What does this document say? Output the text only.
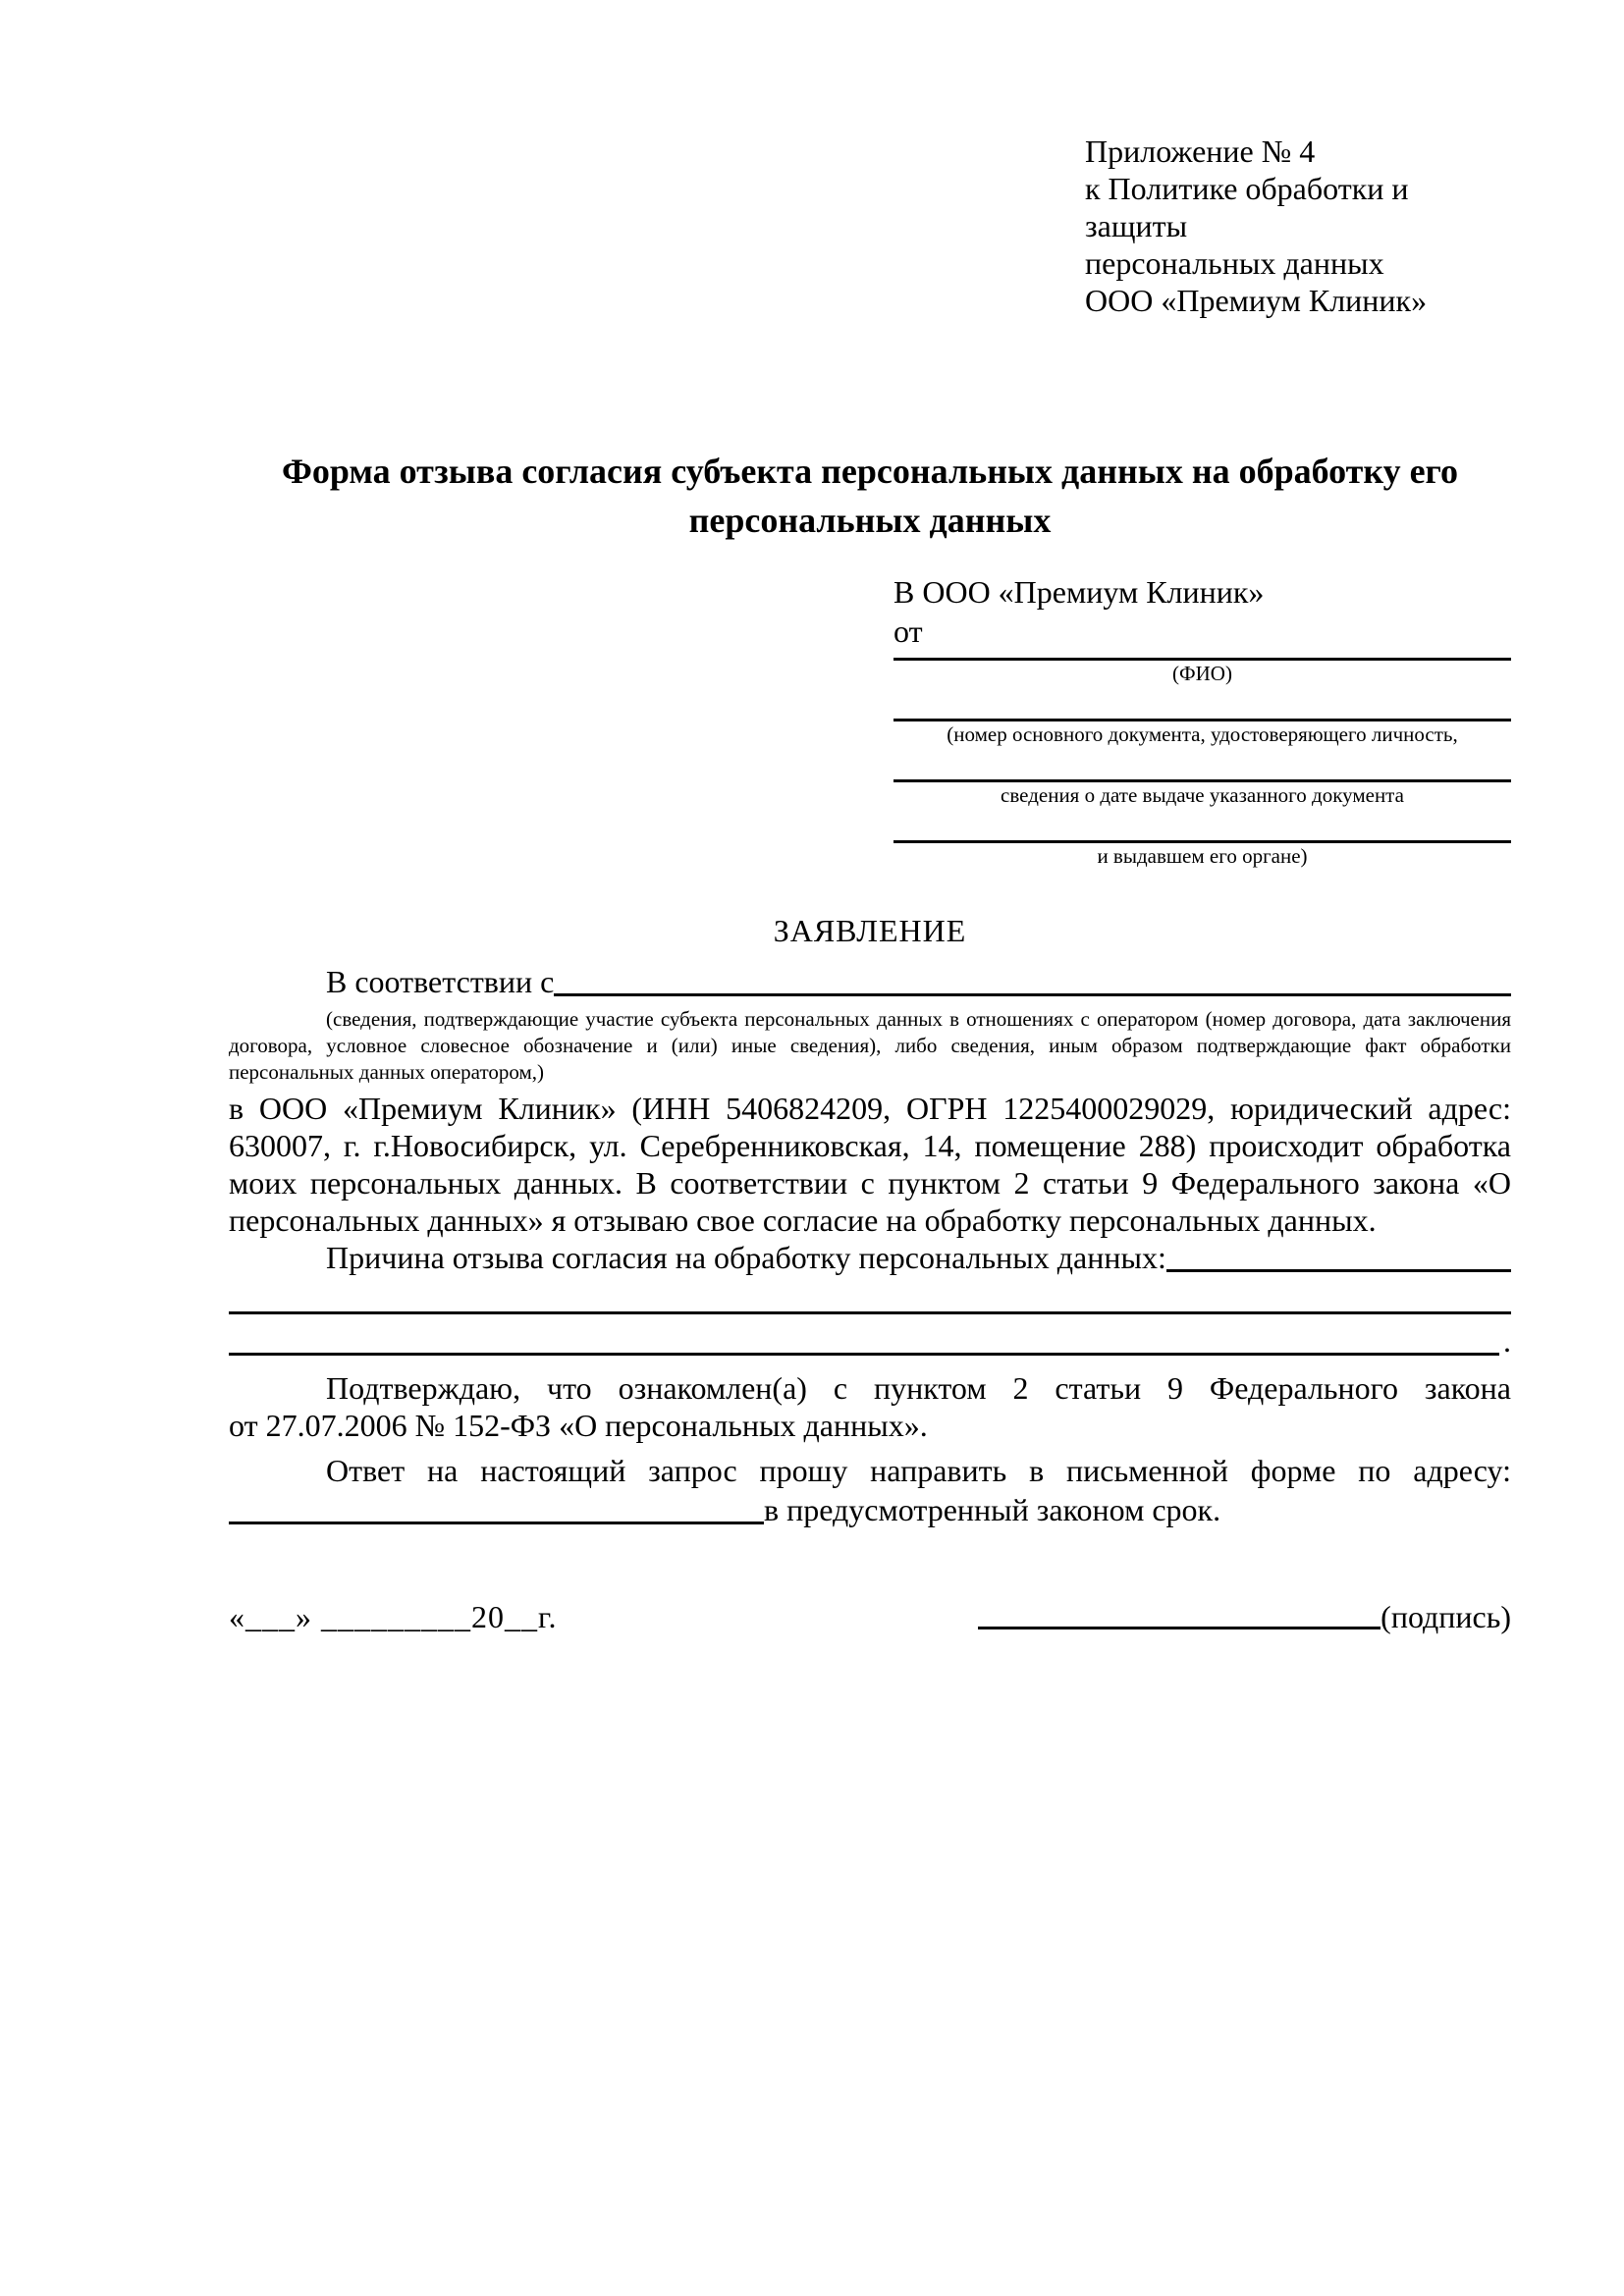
Приложение № 4
к Политике обработки и защиты
персональных данных
ООО «Премиум Клиник»
Форма отзыва согласия субъекта персональных данных на обработку его персональных данных
В ООО «Премиум Клиник»
от
(ФИО)
(номер основного документа, удостоверяющего личность,
сведения о дате выдаче указанного документа
и выдавшем его органе)
ЗАЯВЛЕНИЕ
В соответствии с
(сведения, подтверждающие участие субъекта персональных данных в отношениях с оператором (номер договора, дата заключения договора, условное словесное обозначение и (или) иные сведения), либо сведения, иным образом подтверждающие факт обработки персональных данных оператором,)
в ООО «Премиум Клиник» (ИНН 5406824209, ОГРН 1225400029029, юридический адрес: 630007, г. г.Новосибирск, ул. Серебренниковская, 14, помещение 288) происходит обработка моих персональных данных. В соответствии с пунктом 2 статьи 9 Федерального закона «О персональных данных» я отзываю свое согласие на обработку персональных данных.
Причина отзыва согласия на обработку персональных данных:
.
Подтверждаю, что ознакомлен(а) с пунктом 2 статьи 9 Федерального закона от 27.07.2006 № 152-ФЗ «О персональных данных».
Ответ на настоящий запрос прошу направить в письменной форме по адресу:
в предусмотренный законом срок.
«___» _________20__г.	(подпись)
